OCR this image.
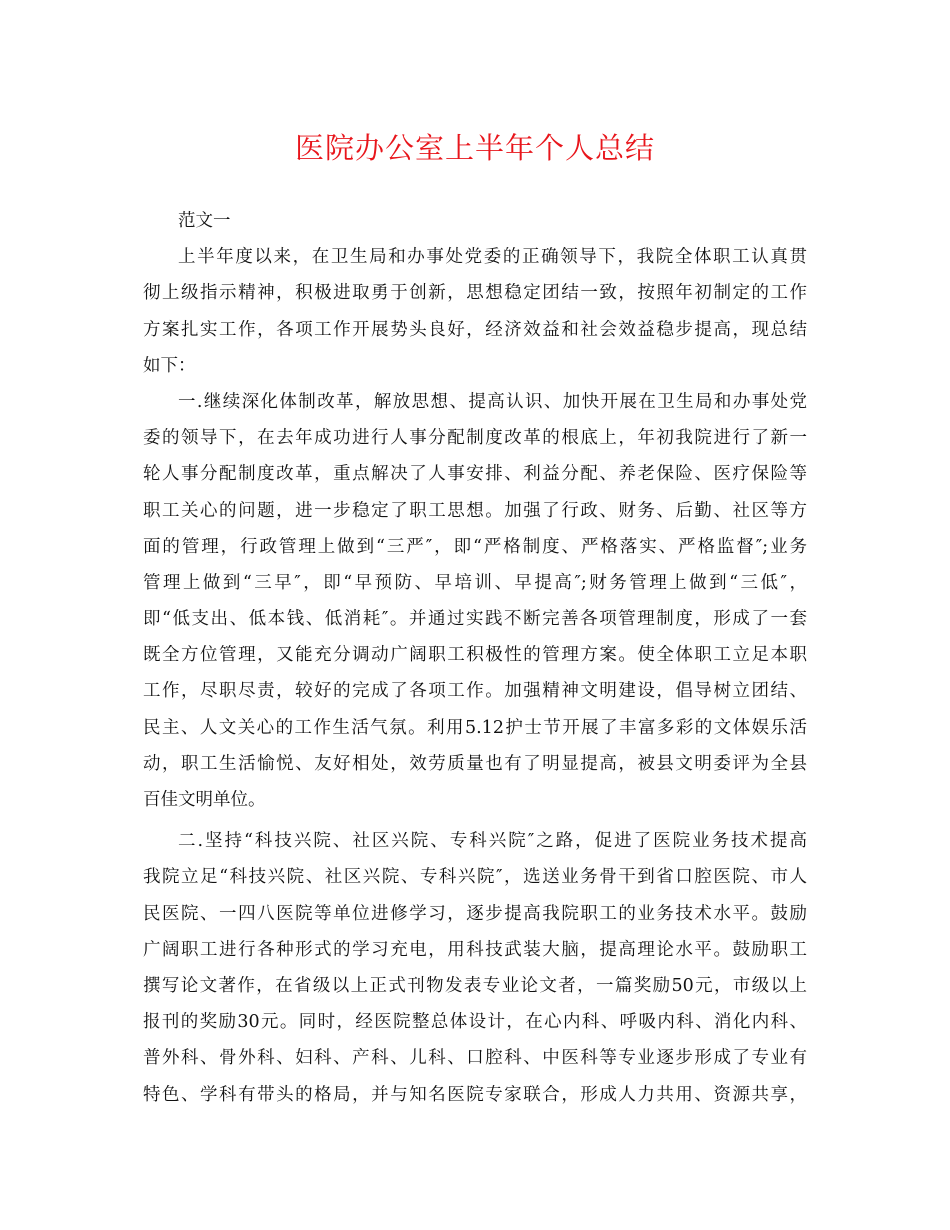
医院办公室上半年个人总结
范文一
上半年度以来，在卫生局和办事处党委的正确领导下，我院全体职工认真贯
彻上级指示精神，积极进取勇于创新，思想稳定团结一致，按照年初制定的工作
方案扎实工作，各项工作开展势头良好，经济效益和社会效益稳步提高，现总结
如下：
一.继续深化体制改革，解放思想、提高认识、加快开展在卫生局和办事处党
委的领导下，在去年成功进行人事分配制度改革的根底上，年初我院进行了新一
轮人事分配制度改革，重点解决了人事安排、利益分配、养老保险、医疗保险等
职工关心的问题，进一步稳定了职工思想。加强了行政、财务、后勤、社区等方
面的管理，行政管理上做到“三严″，即“严格制度、严格落实、严格监督″;业务
管理上做到“三早″，即“早预防、早培训、早提高″;财务管理上做到“三低″，
即“低支出、低本钱、低消耗″。并通过实践不断完善各项管理制度，形成了一套
既全方位管理，又能充分调动广阔职工积极性的管理方案。使全体职工立足本职
工作，尽职尽责，较好的完成了各项工作。加强精神文明建设，倡导树立团结、
民主、人文关心的工作生活气氛。利用5.12护士节开展了丰富多彩的文体娱乐活
动，职工生活愉悦、友好相处，效劳质量也有了明显提高，被县文明委评为全县
百佳文明单位。
二.坚持“科技兴院、社区兴院、专科兴院″之路，促进了医院业务技术提高
我院立足“科技兴院、社区兴院、专科兴院″，选送业务骨干到省口腔医院、市人
民医院、一四八医院等单位进修学习，逐步提高我院职工的业务技术水平。鼓励
广阔职工进行各种形式的学习充电，用科技武装大脑，提高理论水平。鼓励职工
撰写论文著作，在省级以上正式刊物发表专业论文者，一篇奖励50元，市级以上
报刊的奖励30元。同时，经医院整总体设计，在心内科、呼吸内科、消化内科、
普外科、骨外科、妇科、产科、儿科、口腔科、中医科等专业逐步形成了专业有
特色、学科有带头的格局，并与知名医院专家联合，形成人力共用、资源共享，
